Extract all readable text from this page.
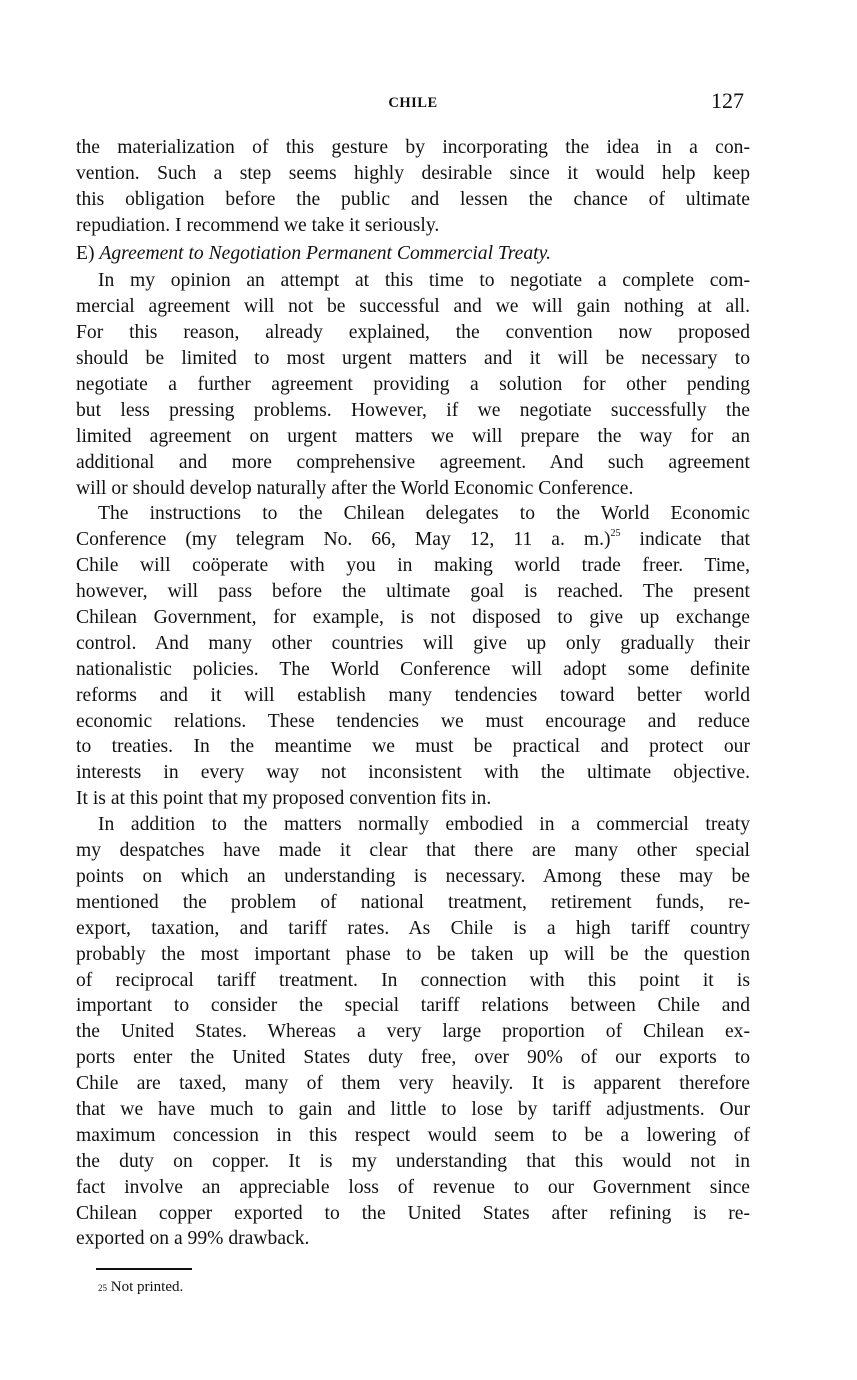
CHILE	127
the materialization of this gesture by incorporating the idea in a con-
vention. Such a step seems highly desirable since it would help keep
this obligation before the public and lessen the chance of ultimate
repudiation. I recommend we take it seriously.
E) Agreement to Negotiation Permanent Commercial Treaty.
In my opinion an attempt at this time to negotiate a complete com-
mercial agreement will not be successful and we will gain nothing at all.
For this reason, already explained, the convention now proposed
should be limited to most urgent matters and it will be necessary to
negotiate a further agreement providing a solution for other pending
but less pressing problems. However, if we negotiate successfully the
limited agreement on urgent matters we will prepare the way for an
additional and more comprehensive agreement. And such agreement
will or should develop naturally after the World Economic Conference.
The instructions to the Chilean delegates to the World Economic
Conference (my telegram No. 66, May 12, 11 a. m.)$^{25}$ indicate that
Chile will coöperate with you in making world trade freer. Time,
however, will pass before the ultimate goal is reached. The present
Chilean Government, for example, is not disposed to give up exchange
control. And many other countries will give up only gradually their
nationalistic policies. The World Conference will adopt some definite
reforms and it will establish many tendencies toward better world
economic relations. These tendencies we must encourage and reduce
to treaties. In the meantime we must be practical and protect our
interests in every way not inconsistent with the ultimate objective.
It is at this point that my proposed convention fits in.
In addition to the matters normally embodied in a commercial treaty
my despatches have made it clear that there are many other special
points on which an understanding is necessary. Among these may be
mentioned the problem of national treatment, retirement funds, re-
export, taxation, and tariff rates. As Chile is a high tariff country
probably the most important phase to be taken up will be the question
of reciprocal tariff treatment. In connection with this point it is
important to consider the special tariff relations between Chile and
the United States. Whereas a very large proportion of Chilean ex-
ports enter the United States duty free, over 90% of our exports to
Chile are taxed, many of them very heavily. It is apparent therefore
that we have much to gain and little to lose by tariff adjustments. Our
maximum concession in this respect would seem to be a lowering of
the duty on copper. It is my understanding that this would not in
fact involve an appreciable loss of revenue to our Government since
Chilean copper exported to the United States after refining is re-
exported on a 99% drawback.
$^{25}$ Not printed.
